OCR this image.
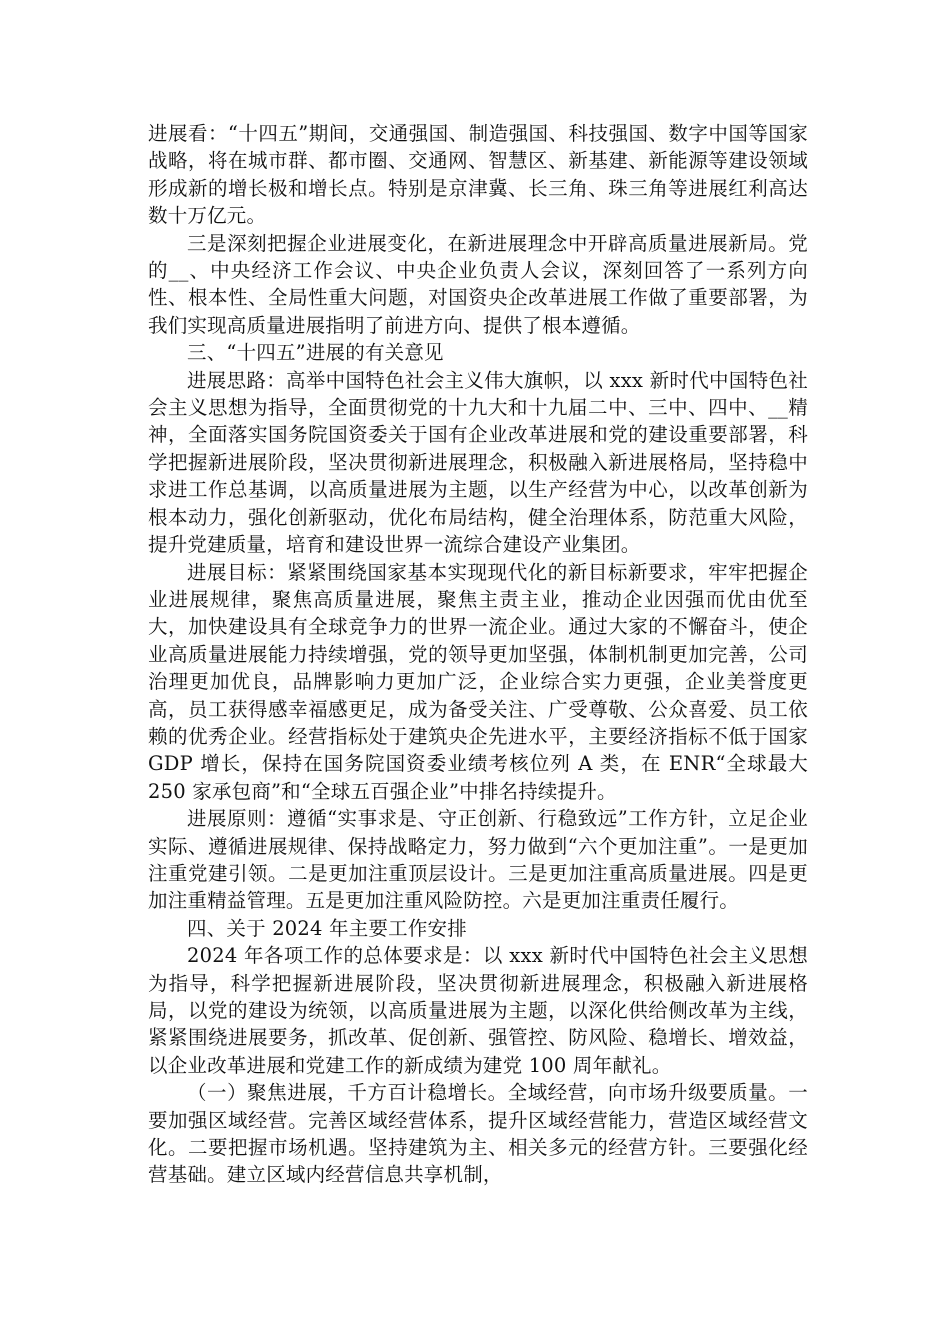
进展看：“十四五”期间，交通强国、制造强国、科技强国、数字中国等国家战略，将在城市群、都市圈、交通网、智慧区、新基建、新能源等建设领域形成新的增长极和增长点。特别是京津冀、长三角、珠三角等进展红利高达数十万亿元。

三是深刻把握企业进展变化，在新进展理念中开辟高质量进展新局。党的__、中央经济工作会议、中央企业负责人会议，深刻回答了一系列方向性、根本性、全局性重大问题，对国资央企改革进展工作做了重要部署，为我们实现高质量进展指明了前进方向、提供了根本遵循。

三、“十四五”进展的有关意见

进展思路：高举中国特色社会主义伟大旗帜，以 xxx 新时代中国特色社会主义思想为指导，全面贯彻党的十九大和十九届二中、三中、四中、__精神，全面落实国务院国资委关于国有企业改革进展和党的建设重要部署，科学把握新进展阶段，坚决贯彻新进展理念，积极融入新进展格局，坚持稳中求进工作总基调，以高质量进展为主题，以生产经营为中心，以改革创新为根本动力，强化创新驱动，优化布局结构，健全治理体系，防范重大风险，提升党建质量，培育和建设世界一流综合建设产业集团。

进展目标：紧紧围绕国家基本实现现代化的新目标新要求，牢牢把握企业进展规律，聚焦高质量进展，聚焦主责主业，推动企业因强而优由优至大，加快建设具有全球竞争力的世界一流企业。通过大家的不懈奋斗，使企业高质量进展能力持续增强，党的领导更加坚强，体制机制更加完善，公司治理更加优良，品牌影响力更加广泛，企业综合实力更强，企业美誉度更高，员工获得感幸福感更足，成为备受关注、广受尊敬、公众喜爱、员工依赖的优秀企业。经营指标处于建筑央企先进水平，主要经济指标不低于国家 GDP 增长，保持在国务院国资委业绩考核位列 A 类，在 ENR“全球最大 250 家承包商”和“全球五百强企业”中排名持续提升。

进展原则：遵循“实事求是、守正创新、行稳致远”工作方针，立足企业实际、遵循进展规律、保持战略定力，努力做到“六个更加注重”。一是更加注重党建引领。二是更加注重顶层设计。三是更加注重高质量进展。四是更加注重精益管理。五是更加注重风险防控。六是更加注重责任履行。

四、关于 2024 年主要工作安排

2024 年各项工作的总体要求是：以 xxx 新时代中国特色社会主义思想为指导，科学把握新进展阶段，坚决贯彻新进展理念，积极融入新进展格局，以党的建设为统领，以高质量进展为主题，以深化供给侧改革为主线，紧紧围绕进展要务，抓改革、促创新、强管控、防风险、稳增长、增效益，以企业改革进展和党建工作的新成绩为建党 100 周年献礼。

（一）聚焦进展，千方百计稳增长。全域经营，向市场升级要质量。一要加强区域经营。完善区域经营体系，提升区域经营能力，营造区域经营文化。二要把握市场机遇。坚持建筑为主、相关多元的经营方针。三要强化经营基础。建立区域内经营信息共享机制，
